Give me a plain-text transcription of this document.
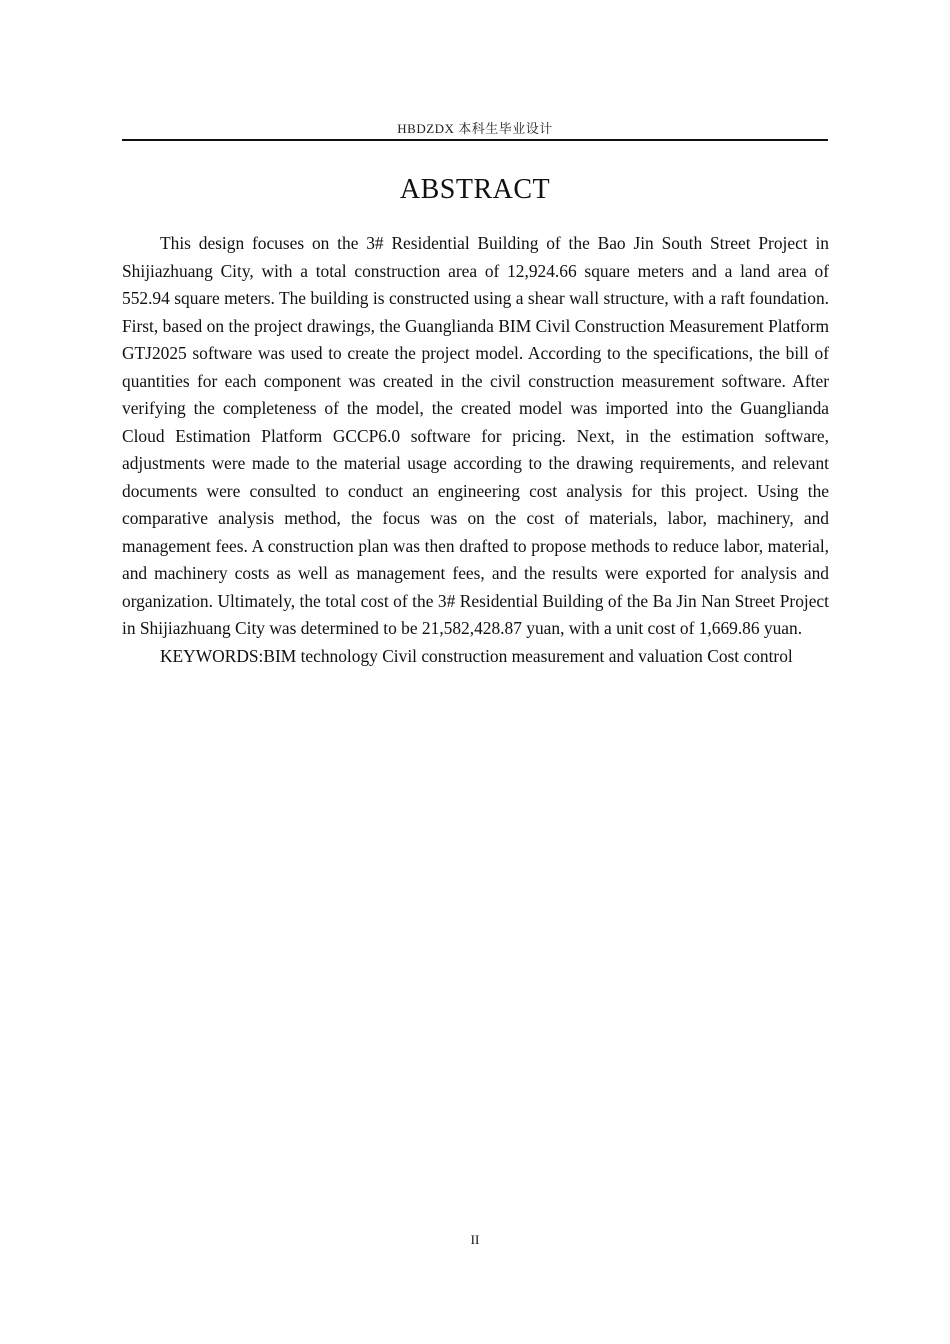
HBDZDX 本科生毕业设计
ABSTRACT

This design focuses on the 3# Residential Building of the Bao Jin South Street Project in Shijiazhuang City, with a total construction area of 12,924.66 square meters and a land area of 552.94 square meters. The building is constructed using a shear wall structure, with a raft foundation. First, based on the project drawings, the Guanglianda BIM Civil Construction Measurement Platform GTJ2025 software was used to create the project model. According to the specifications, the bill of quantities for each component was created in the civil construction measurement software. After verifying the completeness of the model, the created model was imported into the Guanglianda Cloud Estimation Platform GCCP6.0 software for pricing. Next, in the estimation software, adjustments were made to the material usage according to the drawing requirements, and relevant documents were consulted to conduct an engineering cost analysis for this project. Using the comparative analysis method, the focus was on the cost of materials, labor, machinery, and management fees. A construction plan was then drafted to propose methods to reduce labor, material, and machinery costs as well as management fees, and the results were exported for analysis and organization. Ultimately, the total cost of the 3# Residential Building of the Ba Jin Nan Street Project in Shijiazhuang City was determined to be 21,582,428.87 yuan, with a unit cost of 1,669.86 yuan.

KEYWORDS:BIM technology Civil construction measurement and valuation Cost control

II
